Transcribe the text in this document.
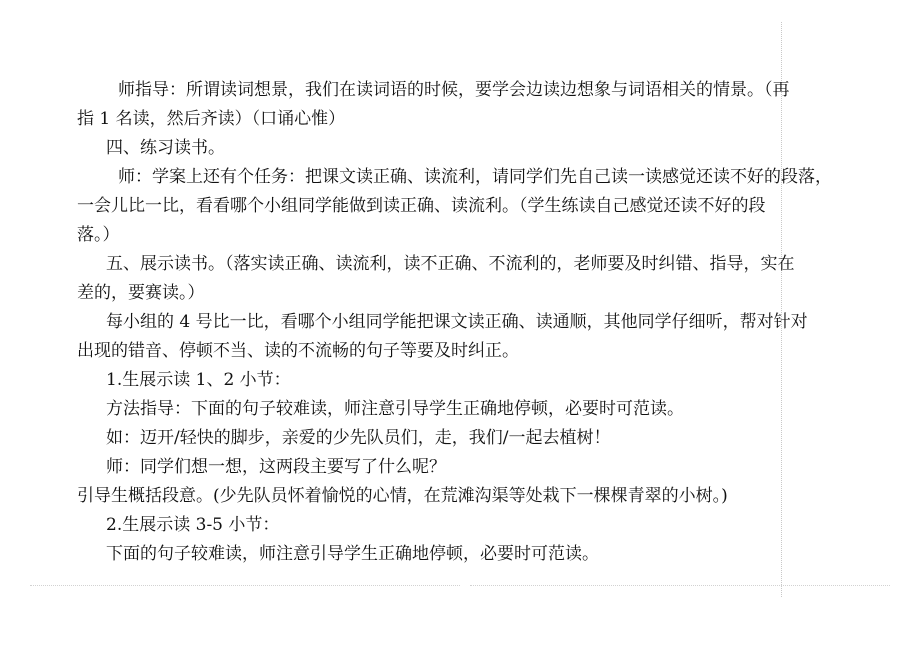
师指导：所谓读词想景，我们在读词语的时候，要学会边读边想象与词语相关的情景。（再
指 1 名读，然后齐读）（口诵心惟）
四、练习读书。
师：学案上还有个任务：把课文读正确、读流利，请同学们先自己读一读感觉还读不好的段落，
一会儿比一比，看看哪个小组同学能做到读正确、读流利。（学生练读自己感觉还读不好的段
落。）
五、展示读书。（落实读正确、读流利，读不正确、不流利的，老师要及时纠错、指导，实在
差的，要赛读。）
每小组的 4 号比一比，看哪个小组同学能把课文读正确、读通顺，其他同学仔细听，帮对针对
出现的错音、停顿不当、读的不流畅的句子等要及时纠正。
1.生展示读 1、2 小节：
方法指导：下面的句子较难读，师注意引导学生正确地停顿，必要时可范读。
如：迈开/轻快的脚步，亲爱的少先队员们，走，我们/一起去植树！
师：同学们想一想，这两段主要写了什么呢？
引导生概括段意。(少先队员怀着愉悦的心情，在荒滩沟渠等处栽下一棵棵青翠的小树。)
2.生展示读 3-5 小节：
下面的句子较难读，师注意引导学生正确地停顿，必要时可范读。
